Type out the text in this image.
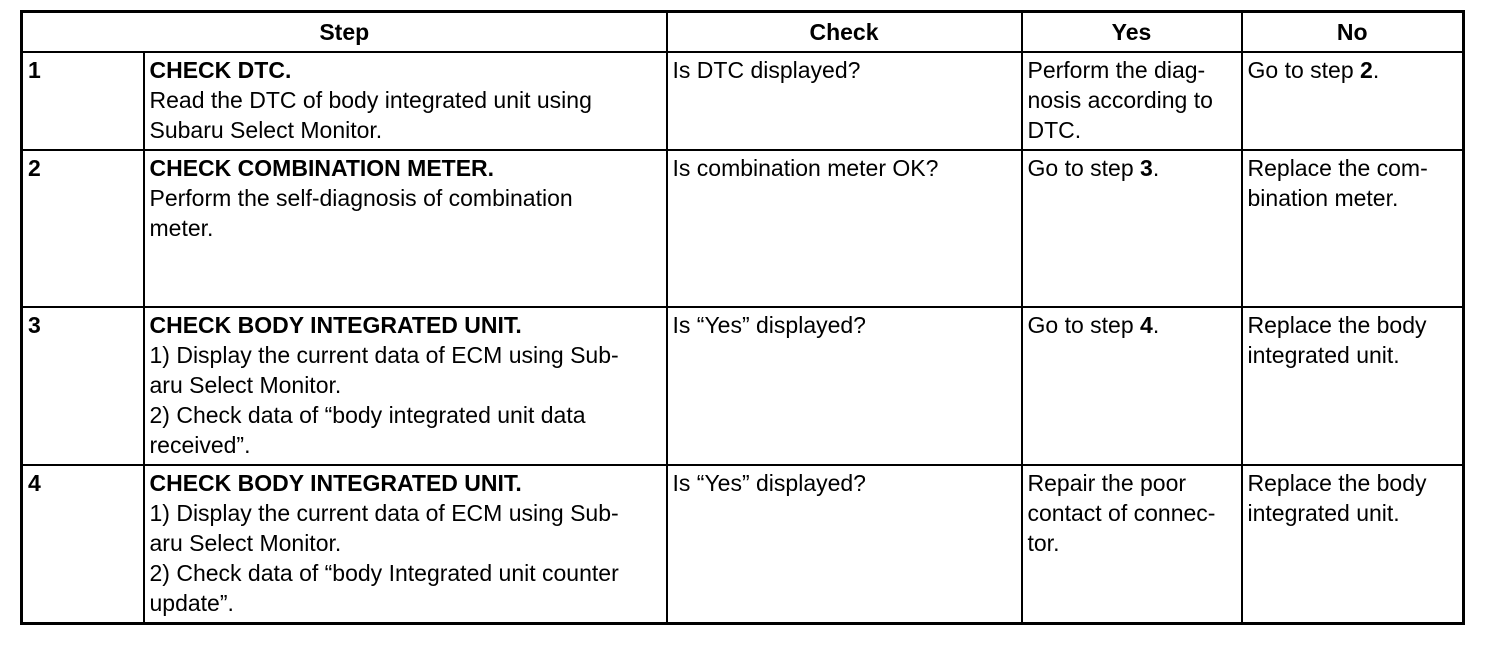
Step		Check	Yes	No
1	CHECK DTC.
Read the DTC of body integrated unit using
Subaru Select Monitor.	Is DTC displayed?	Perform the diag-
nosis according to
DTC.	Go to step 2.
2	CHECK COMBINATION METER.
Perform the self-diagnosis of combination
meter.	Is combination meter OK?	Go to step 3.	Replace the com-
bination meter.

3	CHECK BODY INTEGRATED UNIT.
1) Display the current data of ECM using Sub-
aru Select Monitor.
2) Check data of “body integrated unit data
received”.	Is “Yes” displayed?	Go to step 4.	Replace the body
integrated unit.

4	CHECK BODY INTEGRATED UNIT.
1) Display the current data of ECM using Sub-
aru Select Monitor.
2) Check data of “body Integrated unit counter
update”.	Is “Yes” displayed?	Repair the poor
contact of connec-
tor.	Replace the body
integrated unit.
